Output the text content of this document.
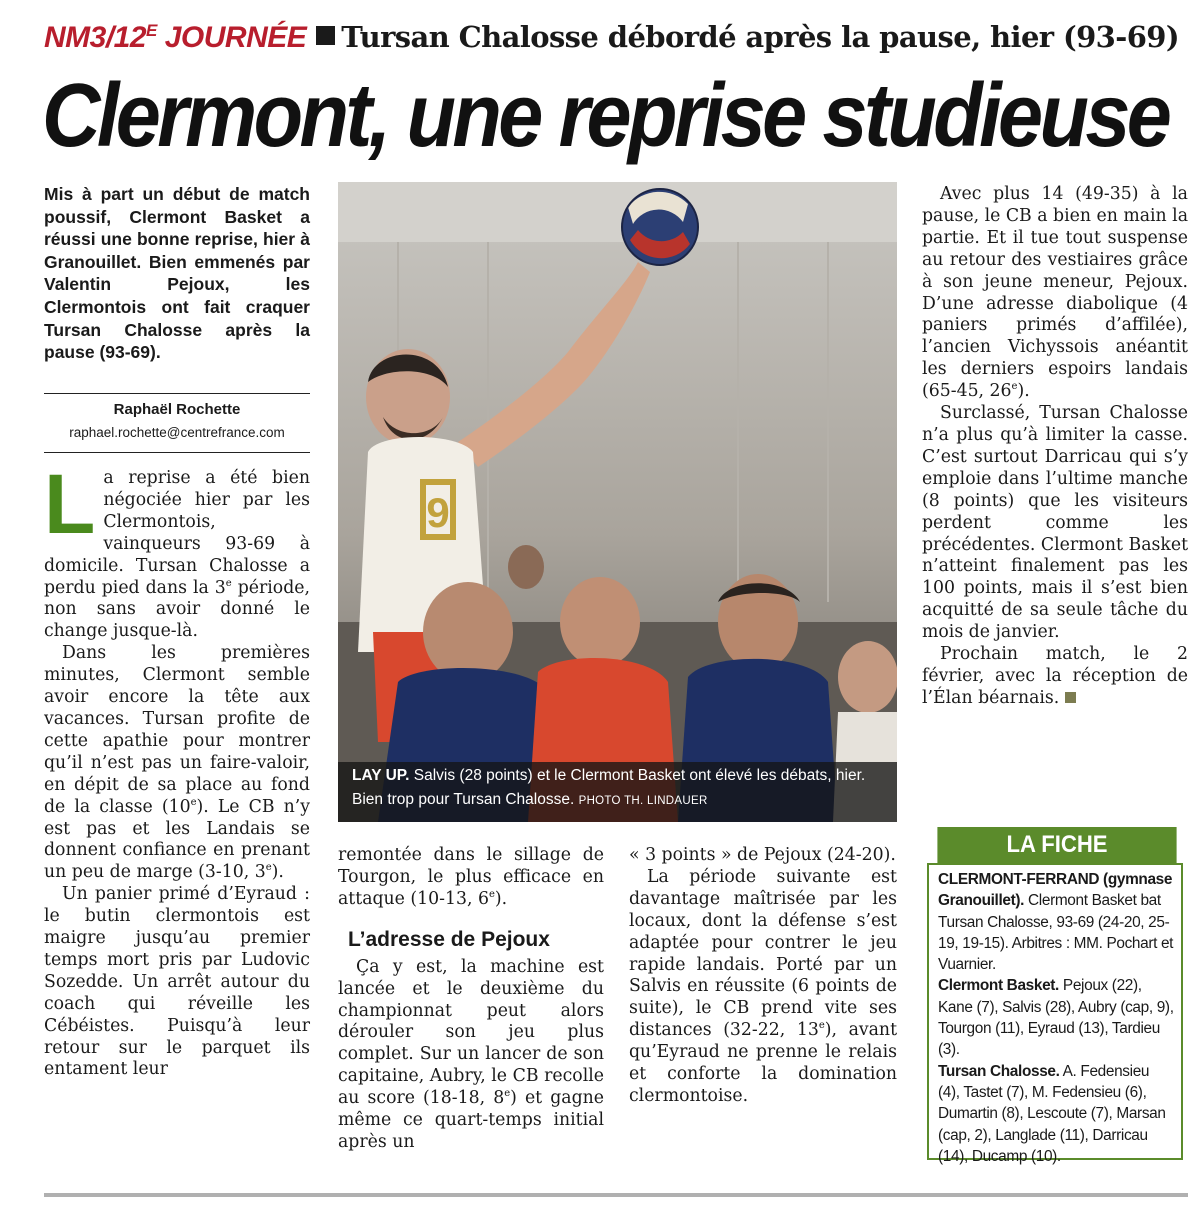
$NM3/12^E$ JOURNÉE Tursan Chalosse débordé après la pause, hier (93-69)
Clermont, une reprise studieuse

Mis à part un début de match poussif, Clermont Basket a réussi une bonne reprise, hier à Granouillet. Bien emmenés par Valentin Pejoux, les Clermontois ont fait craquer Tursan Chalosse après la pause (93-69).

Raphaël Rochette

raphael.rochette@centrefrance.com

La reprise a été bien négociée hier par les Clermontois, vainqueurs 93-69 à domicile. Tursan Chalosse a perdu pied dans la 3e période, non sans avoir donné le change jusque-là.

Dans les premières minutes, Clermont semble avoir encore la tête aux vacances. Tursan profite de cette apathie pour montrer qu’il n’est pas un faire-valoir, en dépit de sa place au fond de la classe (10e). Le CB n’y est pas et les Landais se donnent confiance en prenant un peu de marge (3-10, 3e).

Un panier primé d’Eyraud : le butin clermontois est maigre jusqu’au premier temps mort pris par Ludovic Sozedde. Un arrêt autour du coach qui réveille les Cébéistes. Puisqu’à leur retour sur le parquet ils entament leur

9
LAY UP. Salvis (28 points) et le Clermont Basket ont élevé les débats, hier. Bien trop pour Tursan Chalosse. PHOTO TH. LINDAUER

remontée dans le sillage de Tourgon, le plus efficace en attaque (10-13, 6e).

L’adresse de Pejoux

Ça y est, la machine est lancée et le deuxième du championnat peut alors dérouler son jeu plus complet. Sur un lancer de son capitaine, Aubry, le CB recolle au score (18-18, 8e) et gagne même ce quart-temps initial après un

« 3 points » de Pejoux (24-20).

La période suivante est davantage maîtrisée par les locaux, dont la défense s’est adaptée pour contrer le jeu rapide landais. Porté par un Salvis en réussite (6 points de suite), le CB prend vite ses distances (32-22, 13e), avant qu’Eyraud ne prenne le relais et conforte la domination clermontoise.

Avec plus 14 (49-35) à la pause, le CB a bien en main la partie. Et il tue tout suspense au retour des vestiaires grâce à son jeune meneur, Pejoux. D’une adresse diabolique (4 paniers primés d’affilée), l’ancien Vichyssois anéantit les derniers espoirs landais (65-45, 26e).

Surclassé, Tursan Chalosse n’a plus qu’à limiter la casse. C’est surtout Darricau qui s’y emploie dans l’ultime manche (8 points) que les visiteurs perdent comme les précédentes. Clermont Basket n’atteint finalement pas les 100 points, mais il s’est bien acquitté de sa seule tâche du mois de janvier.

Prochain match, le 2 février, avec la réception de l’Élan béarnais.

LA FICHE

CLERMONT-FERRAND (gymnase Granouillet). Clermont Basket bat Tursan Chalosse, 93-69 (24-20, 25-19, 19-15). Arbitres : MM. Pochart et Vuarnier.

Clermont Basket. Pejoux (22), Kane (7), Salvis (28), Aubry (cap, 9), Tourgon (11), Eyraud (13), Tardieu (3).

Tursan Chalosse. A. Fedensieu (4), Tastet (7), M. Fedensieu (6), Dumartin (8), Lescoute (7), Marsan (cap, 2), Langlade (11), Darricau (14), Ducamp (10).
